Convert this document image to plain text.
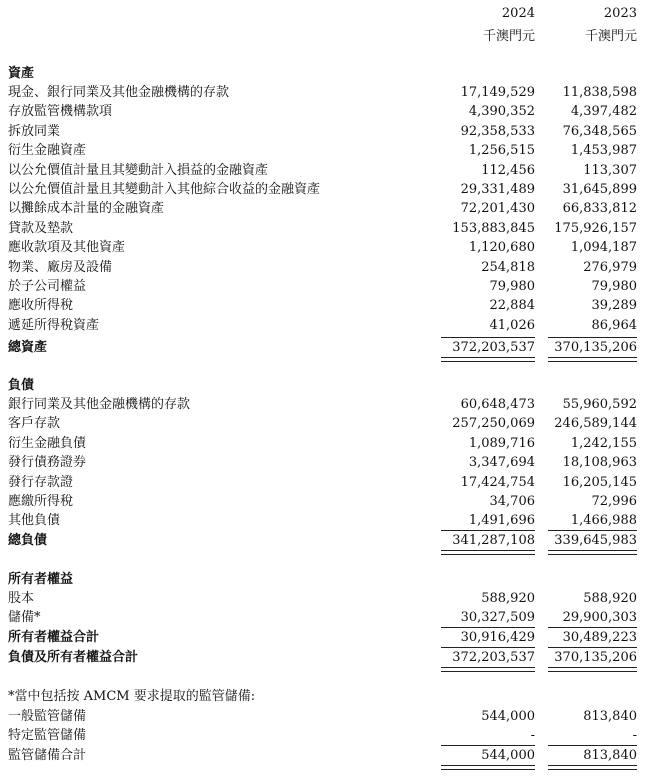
2024	2023
千澳門元	千澳門元
資產
現金、銀行同業及其他金融機構的存款	17,149,529 11,838,598
存放監管機構款項	4,390,352	4,397,482
拆放同業	92,358,533 76,348,565
衍生金融資產	1,256,515	1,453,987
以公允價值計量且其變動計入損益的金融資產	112,456	113,307
以公允價值計量且其變動計入其他綜合收益的金融資產	29,331,489 31,645,899
以攤餘成本計量的金融資產	72,201,430 66,833,812
貸款及墊款	153,883,845 175,926,157
應收款項及其他資產	1,120,680	1,094,187
物業、廠房及設備	254,818	276,979
於子公司權益	79,980	79,980
應收所得稅	22,884	39,289
遞延所得稅資產	41,026	86,964
總資產	372,203,537 370,135,206
負債
銀行同業及其他金融機構的存款	60,648,473 55,960,592
客戶存款	257,250,069 246,589,144
衍生金融負債	1,089,716	1,242,155
發行債務證券	3,347,694 18,108,963
發行存款證	17,424,754 16,205,145
應繳所得稅	34,706	72,996
其他負債	1,491,696	1,466,988
總負債	341,287,108 339,645,983
所有者權益
股本	588,920	588,920
儲備*	30,327,509 29,900,303
所有者權益合計	30,916,429 30,489,223
負債及所有者權益合計	372,203,537 370,135,206
*當中包括按 AMCM 要求提取的監管儲備:
一般監管儲備	544,000	813,840
特定監管儲備	-	-
監管儲備合計	544,000	813,840
